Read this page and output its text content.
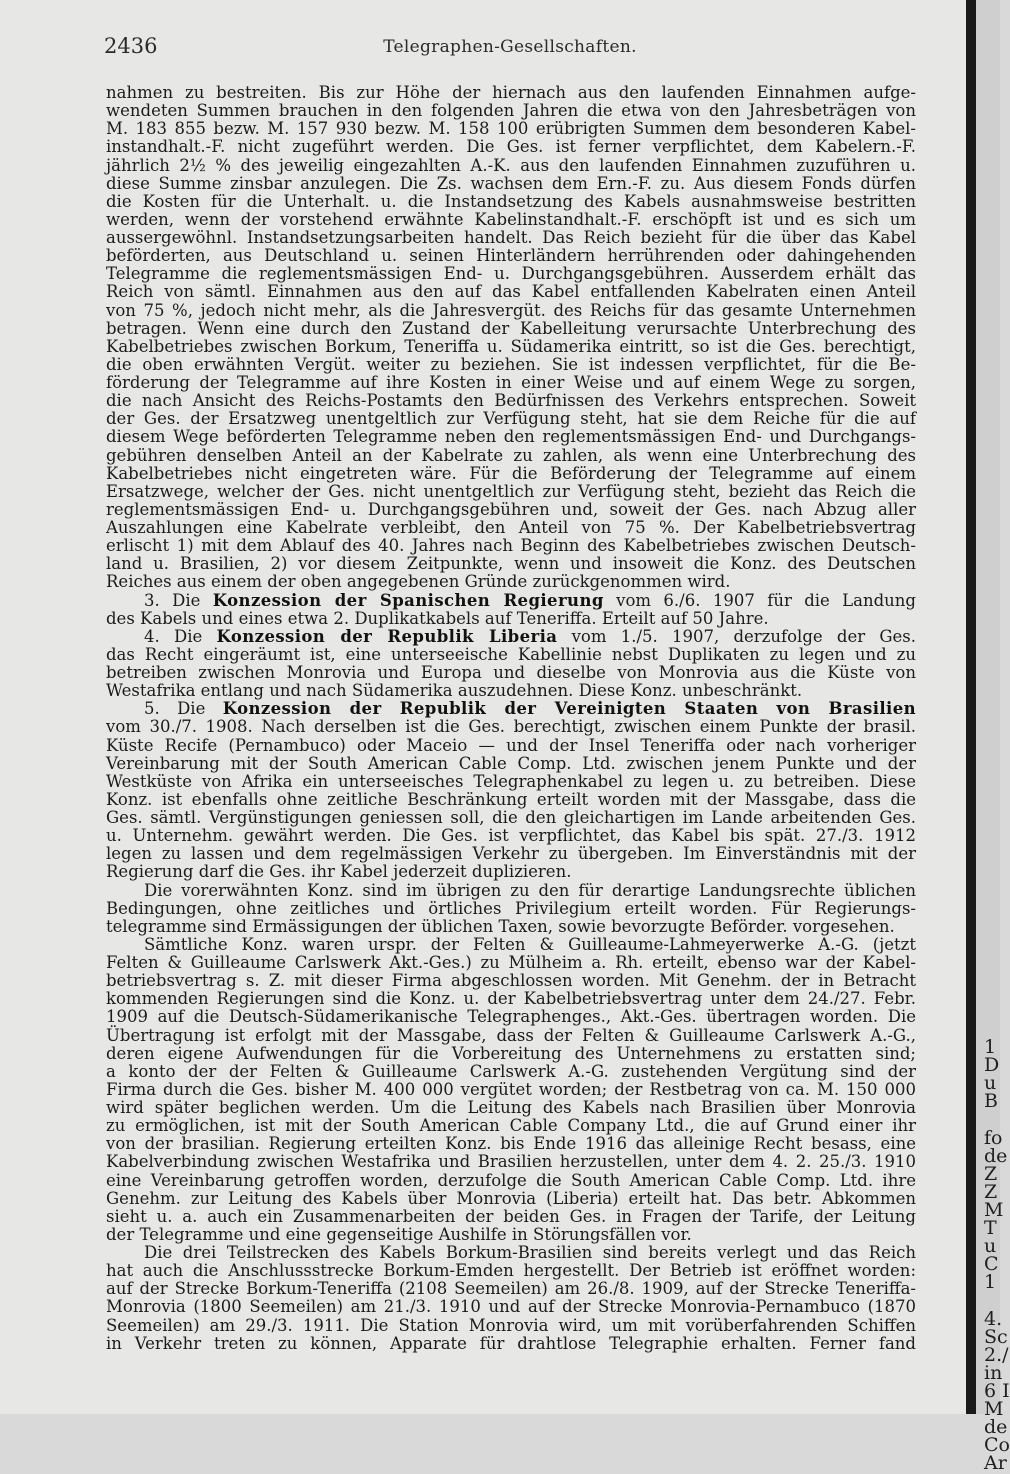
2436	Telegraphen-Gesellschaften.
nahmen zu bestreiten. Bis zur Höhe der hiernach aus den laufenden Einnahmen aufge-
wendeten Summen brauchen in den folgenden Jahren die etwa von den Jahresbeträgen von
M. 183 855 bezw. M. 157 930 bezw. M. 158 100 erübrigten Summen dem besonderen Kabel-
instandhalt.-F. nicht zugeführt werden. Die Ges. ist ferner verpflichtet, dem Kabelern.-F.
jährlich 2½ % des jeweilig eingezahlten A.-K. aus den laufenden Einnahmen zuzuführen u.
diese Summe zinsbar anzulegen. Die Zs. wachsen dem Ern.-F. zu. Aus diesem Fonds dürfen
die Kosten für die Unterhalt. u. die Instandsetzung des Kabels ausnahmsweise bestritten
werden, wenn der vorstehend erwähnte Kabelinstandhalt.-F. erschöpft ist und es sich um
aussergewöhnl. Instandsetzungsarbeiten handelt. Das Reich bezieht für die über das Kabel
beförderten, aus Deutschland u. seinen Hinterländern herrührenden oder dahingehenden
Telegramme die reglementsmässigen End- u. Durchgangsgebühren. Ausserdem erhält das
Reich von sämtl. Einnahmen aus den auf das Kabel entfallenden Kabelraten einen Anteil
von 75 %, jedoch nicht mehr, als die Jahresvergüt. des Reichs für das gesamte Unternehmen
betragen. Wenn eine durch den Zustand der Kabelleitung verursachte Unterbrechung des
Kabelbetriebes zwischen Borkum, Teneriffa u. Südamerika eintritt, so ist die Ges. berechtigt,
die oben erwähnten Vergüt. weiter zu beziehen. Sie ist indessen verpflichtet, für die Be-
förderung der Telegramme auf ihre Kosten in einer Weise und auf einem Wege zu sorgen,
die nach Ansicht des Reichs-Postamts den Bedürfnissen des Verkehrs entsprechen. Soweit
der Ges. der Ersatzweg unentgeltlich zur Verfügung steht, hat sie dem Reiche für die auf
diesem Wege beförderten Telegramme neben den reglementsmässigen End- und Durchgangs-
gebühren denselben Anteil an der Kabelrate zu zahlen, als wenn eine Unterbrechung des
Kabelbetriebes nicht eingetreten wäre. Für die Beförderung der Telegramme auf einem
Ersatzwege, welcher der Ges. nicht unentgeltlich zur Verfügung steht, bezieht das Reich die
reglementsmässigen End- u. Durchgangsgebühren und, soweit der Ges. nach Abzug aller
Auszahlungen eine Kabelrate verbleibt, den Anteil von 75 %. Der Kabelbetriebsvertrag
erlischt 1) mit dem Ablauf des 40. Jahres nach Beginn des Kabelbetriebes zwischen Deutsch-
land u. Brasilien, 2) vor diesem Zeitpunkte, wenn und insoweit die Konz. des Deutschen
Reiches aus einem der oben angegebenen Gründe zurückgenommen wird.
3. Die Konzession der Spanischen Regierung vom 6./6. 1907 für die Landung
des Kabels und eines etwa 2. Duplikatkabels auf Teneriffa. Erteilt auf 50 Jahre.
4. Die Konzession der Republik Liberia vom 1./5. 1907, derzufolge der Ges.
das Recht eingeräumt ist, eine unterseeische Kabellinie nebst Duplikaten zu legen und zu
betreiben zwischen Monrovia und Europa und dieselbe von Monrovia aus die Küste von
Westafrika entlang und nach Südamerika auszudehnen. Diese Konz. unbeschränkt.
5. Die Konzession der Republik der Vereinigten Staaten von Brasilien
vom 30./7. 1908. Nach derselben ist die Ges. berechtigt, zwischen einem Punkte der brasil.
Küste Recife (Pernambuco) oder Maceio — und der Insel Teneriffa oder nach vorheriger
Vereinbarung mit der South American Cable Comp. Ltd. zwischen jenem Punkte und der
Westküste von Afrika ein unterseeisches Telegraphenkabel zu legen u. zu betreiben. Diese
Konz. ist ebenfalls ohne zeitliche Beschränkung erteilt worden mit der Massgabe, dass die
Ges. sämtl. Vergünstigungen geniessen soll, die den gleichartigen im Lande arbeitenden Ges.
u. Unternehm. gewährt werden. Die Ges. ist verpflichtet, das Kabel bis spät. 27./3. 1912
legen zu lassen und dem regelmässigen Verkehr zu übergeben. Im Einverständnis mit der
Regierung darf die Ges. ihr Kabel jederzeit duplizieren.
Die vorerwähnten Konz. sind im übrigen zu den für derartige Landungsrechte üblichen
Bedingungen, ohne zeitliches und örtliches Privilegium erteilt worden. Für Regierungs-
telegramme sind Ermässigungen der üblichen Taxen, sowie bevorzugte Beförder. vorgesehen.
Sämtliche Konz. waren urspr. der Felten & Guilleaume-Lahmeyerwerke A.-G. (jetzt
Felten & Guilleaume Carlswerk Akt.-Ges.) zu Mülheim a. Rh. erteilt, ebenso war der Kabel-
betriebsvertrag s. Z. mit dieser Firma abgeschlossen worden. Mit Genehm. der in Betracht
kommenden Regierungen sind die Konz. u. der Kabelbetriebsvertrag unter dem 24./27. Febr.
1909 auf die Deutsch-Südamerikanische Telegraphenges., Akt.-Ges. übertragen worden. Die
Übertragung ist erfolgt mit der Massgabe, dass der Felten & Guilleaume Carlswerk A.-G.,
deren eigene Aufwendungen für die Vorbereitung des Unternehmens zu erstatten sind;
a konto der der Felten & Guilleaume Carlswerk A.-G. zustehenden Vergütung sind der
Firma durch die Ges. bisher M. 400 000 vergütet worden; der Restbetrag von ca. M. 150 000
wird später beglichen werden. Um die Leitung des Kabels nach Brasilien über Monrovia
zu ermöglichen, ist mit der South American Cable Company Ltd., die auf Grund einer ihr
von der brasilian. Regierung erteilten Konz. bis Ende 1916 das alleinige Recht besass, eine
Kabelverbindung zwischen Westafrika und Brasilien herzustellen, unter dem 4. 2. 25./3. 1910
eine Vereinbarung getroffen worden, derzufolge die South American Cable Comp. Ltd. ihre
Genehm. zur Leitung des Kabels über Monrovia (Liberia) erteilt hat. Das betr. Abkommen
sieht u. a. auch ein Zusammenarbeiten der beiden Ges. in Fragen der Tarife, der Leitung
der Telegramme und eine gegenseitige Aushilfe in Störungsfällen vor.
Die drei Teilstrecken des Kabels Borkum-Brasilien sind bereits verlegt und das Reich
hat auch die Anschlussstrecke Borkum-Emden hergestellt. Der Betrieb ist eröffnet worden:
auf der Strecke Borkum-Teneriffa (2108 Seemeilen) am 26./8. 1909, auf der Strecke Teneriffa-
Monrovia (1800 Seemeilen) am 21./3. 1910 und auf der Strecke Monrovia-Pernambuco (1870
Seemeilen) am 29./3. 1911. Die Station Monrovia wird, um mit vorüberfahrenden Schiffen
in Verkehr treten zu können, Apparate für drahtlose Telegraphie erhalten. Ferner fand
1
D
u
B
fo
de
Z
Z
M
T
u
C
1
4.
Sc
2./
in
6 I
M
de
Co
Ar
